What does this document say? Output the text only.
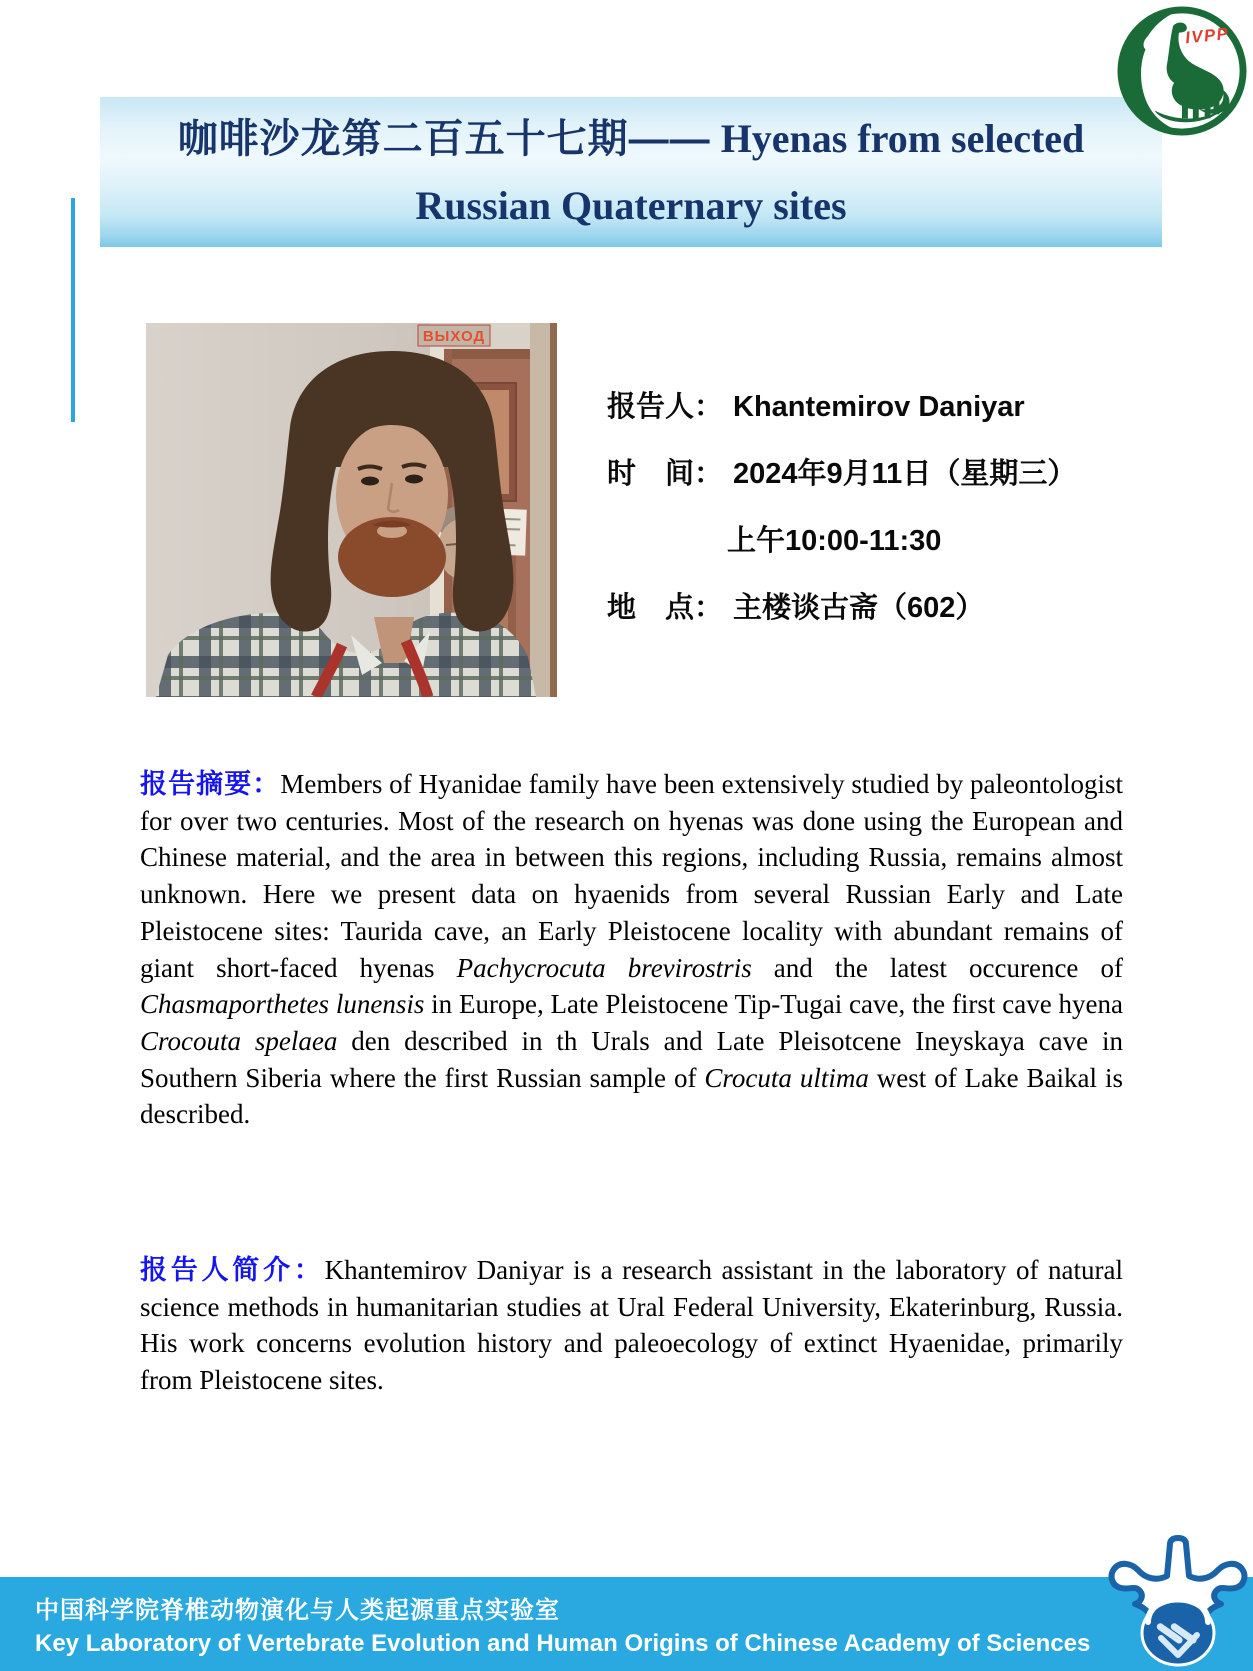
咖啡沙龙第二百五十七期—— Hyenas from selected
Russian Quaternary sites
IVPP
ВЫХОД
报告人： Khantemirov Daniyar
时　间： 2024年9月11日（星期三）
上午10:00-11:30
地　点： 主楼谈古斋（602）

报告摘要：Members of Hyanidae family have been extensively studied by paleontologist for over two centuries. Most of the research on hyenas was done using the European and Chinese material, and the area in between this regions, including Russia, remains almost unknown. Here we present data on hyaenids from several Russian Early and Late Pleistocene sites: Taurida cave, an Early Pleistocene locality with abundant remains of giant short-faced hyenas Pachycrocuta brevirostris and the latest occurence of Chasmaporthetes lunensis in Europe, Late Pleistocene Tip-Tugai cave, the first cave hyena Crocouta spelaea den described in th Urals and Late Pleisotcene Ineyskaya cave in Southern Siberia where the first Russian sample of Crocuta ultima west of Lake Baikal is described.

报告人简介：Khantemirov Daniyar is a research assistant in the laboratory of natural science methods in humanitarian studies at Ural Federal University, Ekaterinburg, Russia. His work concerns evolution history and paleoecology of extinct Hyaenidae, primarily from Pleistocene sites.

中国科学院脊椎动物演化与人类起源重点实验室
Key Laboratory of Vertebrate Evolution and Human Origins of Chinese Academy of Sciences
